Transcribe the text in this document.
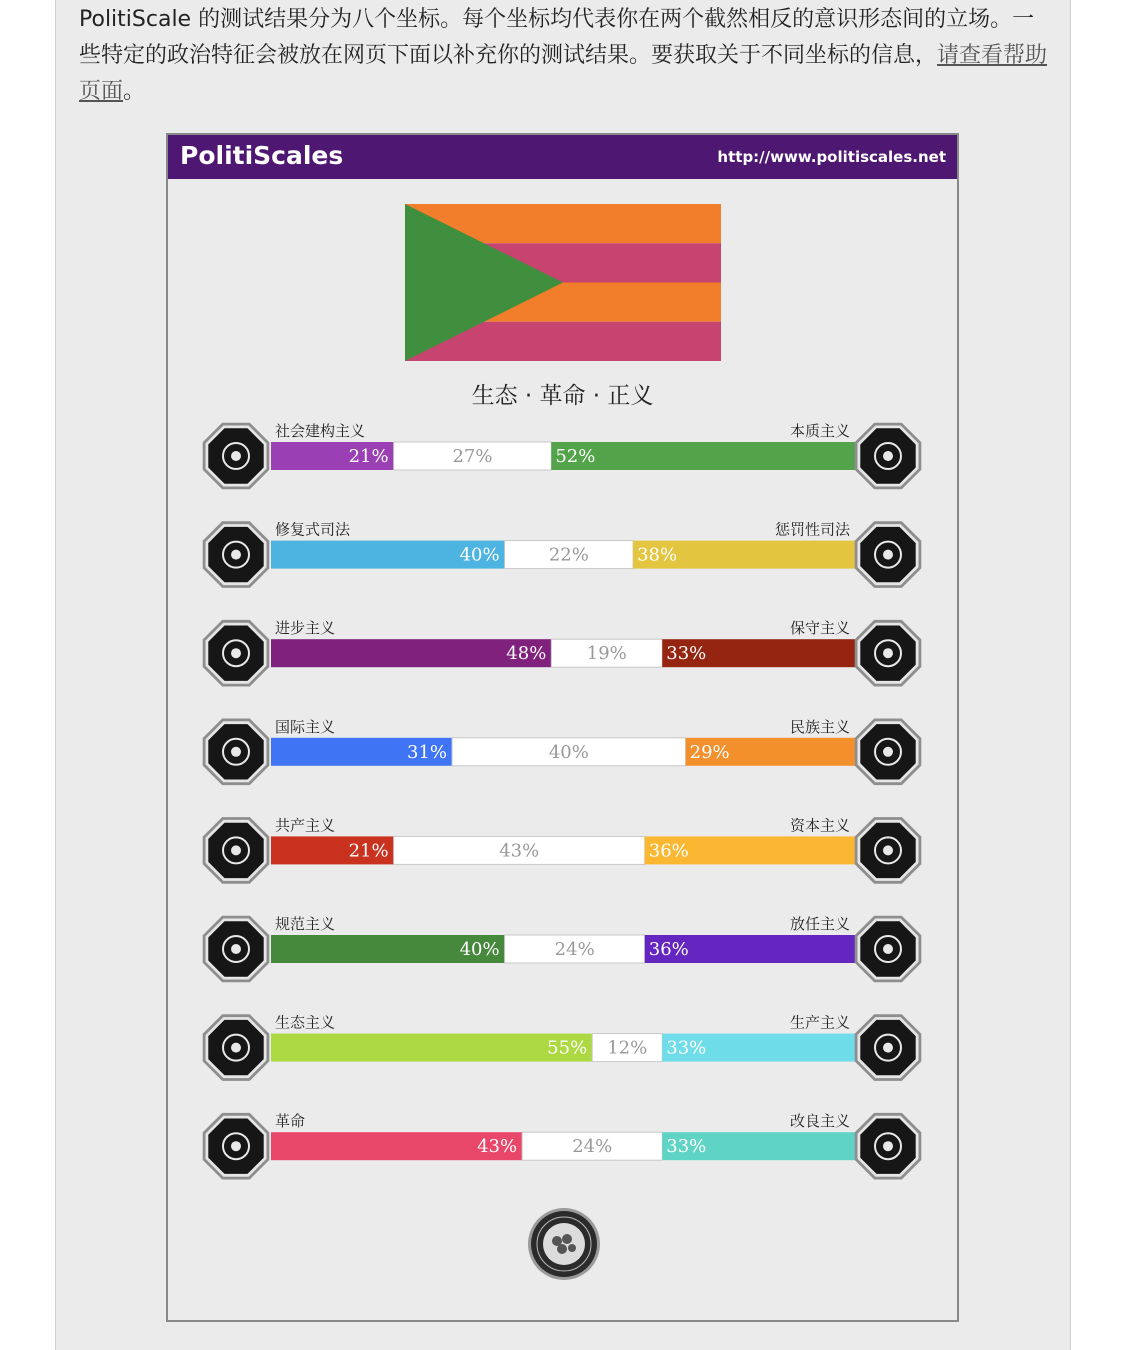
PolitiScale 的测试结果分为八个坐标。每个坐标均代表你在两个截然相反的意识形态间的立场。一些特定的政治特征会被放在网页下面以补充你的测试结果。要获取关于不同坐标的信息，请查看帮助页面。

PolitiScales	http://www.politiscales.net
生态 · 革命 · 正义
21%	27%	52%
社会建构主义	本质主义
40%	22%	38%
修复式司法	惩罚性司法
48% 19% 33%
进步主义	保守主义
31%	40%	29%
国际主义	民族主义
21%	43%	36%
共产主义	资本主义
40%	24%	36%
规范主义	放任主义
55% 12% 33%
生态主义	生产主义
43%	24%	33%
革命	改良主义
